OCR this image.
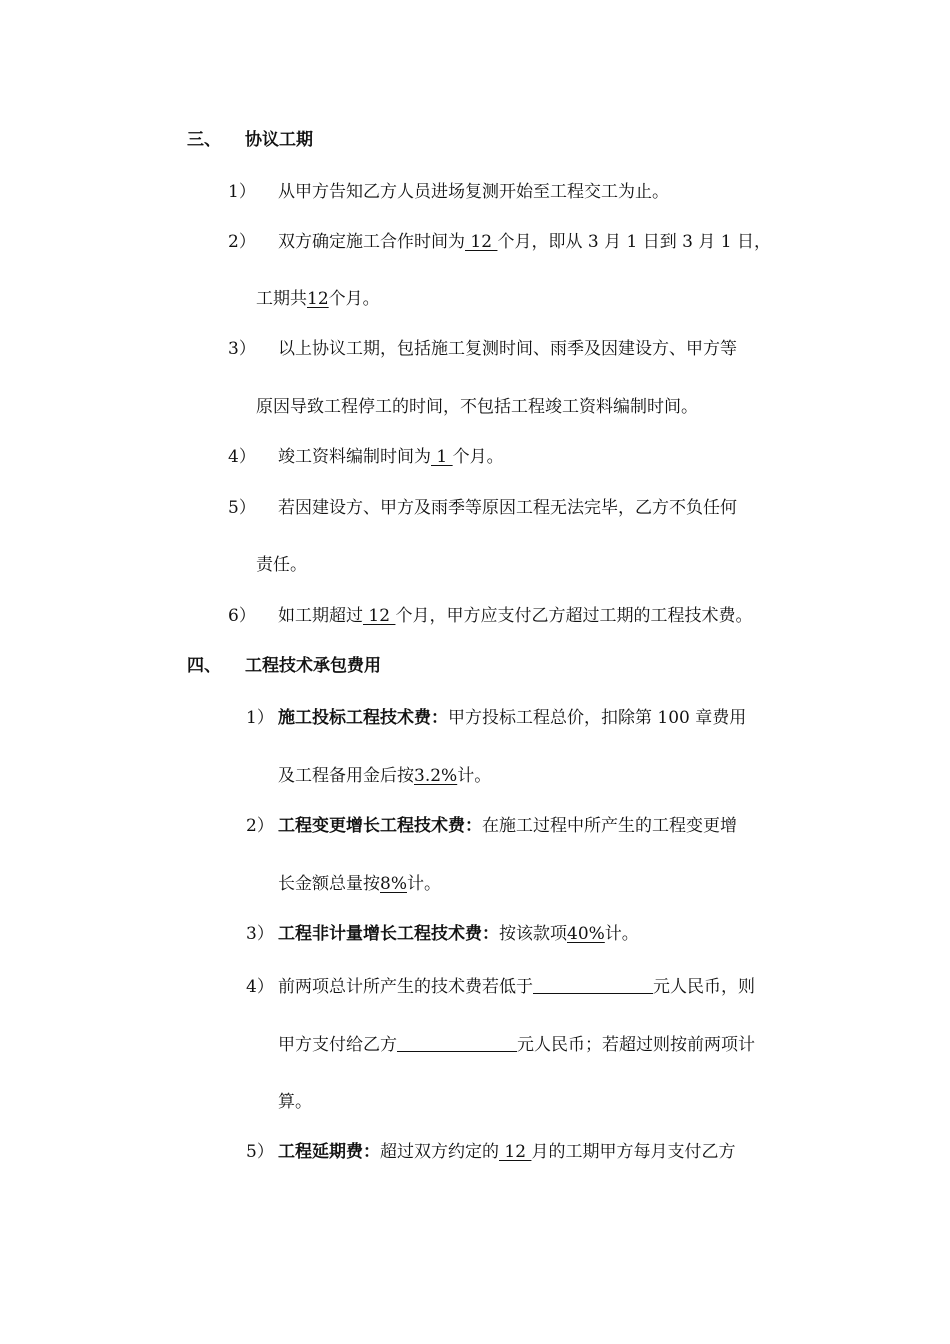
三、 协议工期
1） 从甲方告知乙方人员进场复测开始至工程交工为止。
2） 双方确定施工合作时间为 12 个月，即从 3 月 1 日到 3 月 1 日，
工期共12个月。
3） 以上协议工期，包括施工复测时间、雨季及因建设方、甲方等
原因导致工程停工的时间，不包括工程竣工资料编制时间。
4） 竣工资料编制时间为 1 个月。
5） 若因建设方、甲方及雨季等原因工程无法完毕，乙方不负任何
责任。
6） 如工期超过 12 个月，甲方应支付乙方超过工期的工程技术费。
四、 工程技术承包费用
1） 施工投标工程技术费：甲方投标工程总价，扣除第 100 章费用
及工程备用金后按3.2%计。
2） 工程变更增长工程技术费：在施工过程中所产生的工程变更增
长金额总量按8%计。
3） 工程非计量增长工程技术费：按该款项40%计。
4） 前两项总计所产生的技术费若低于	元人民币，则
甲方支付给乙方	元人民币；若超过则按前两项计
算。
5） 工程延期费：超过双方约定的 12 月的工期甲方每月支付乙方
